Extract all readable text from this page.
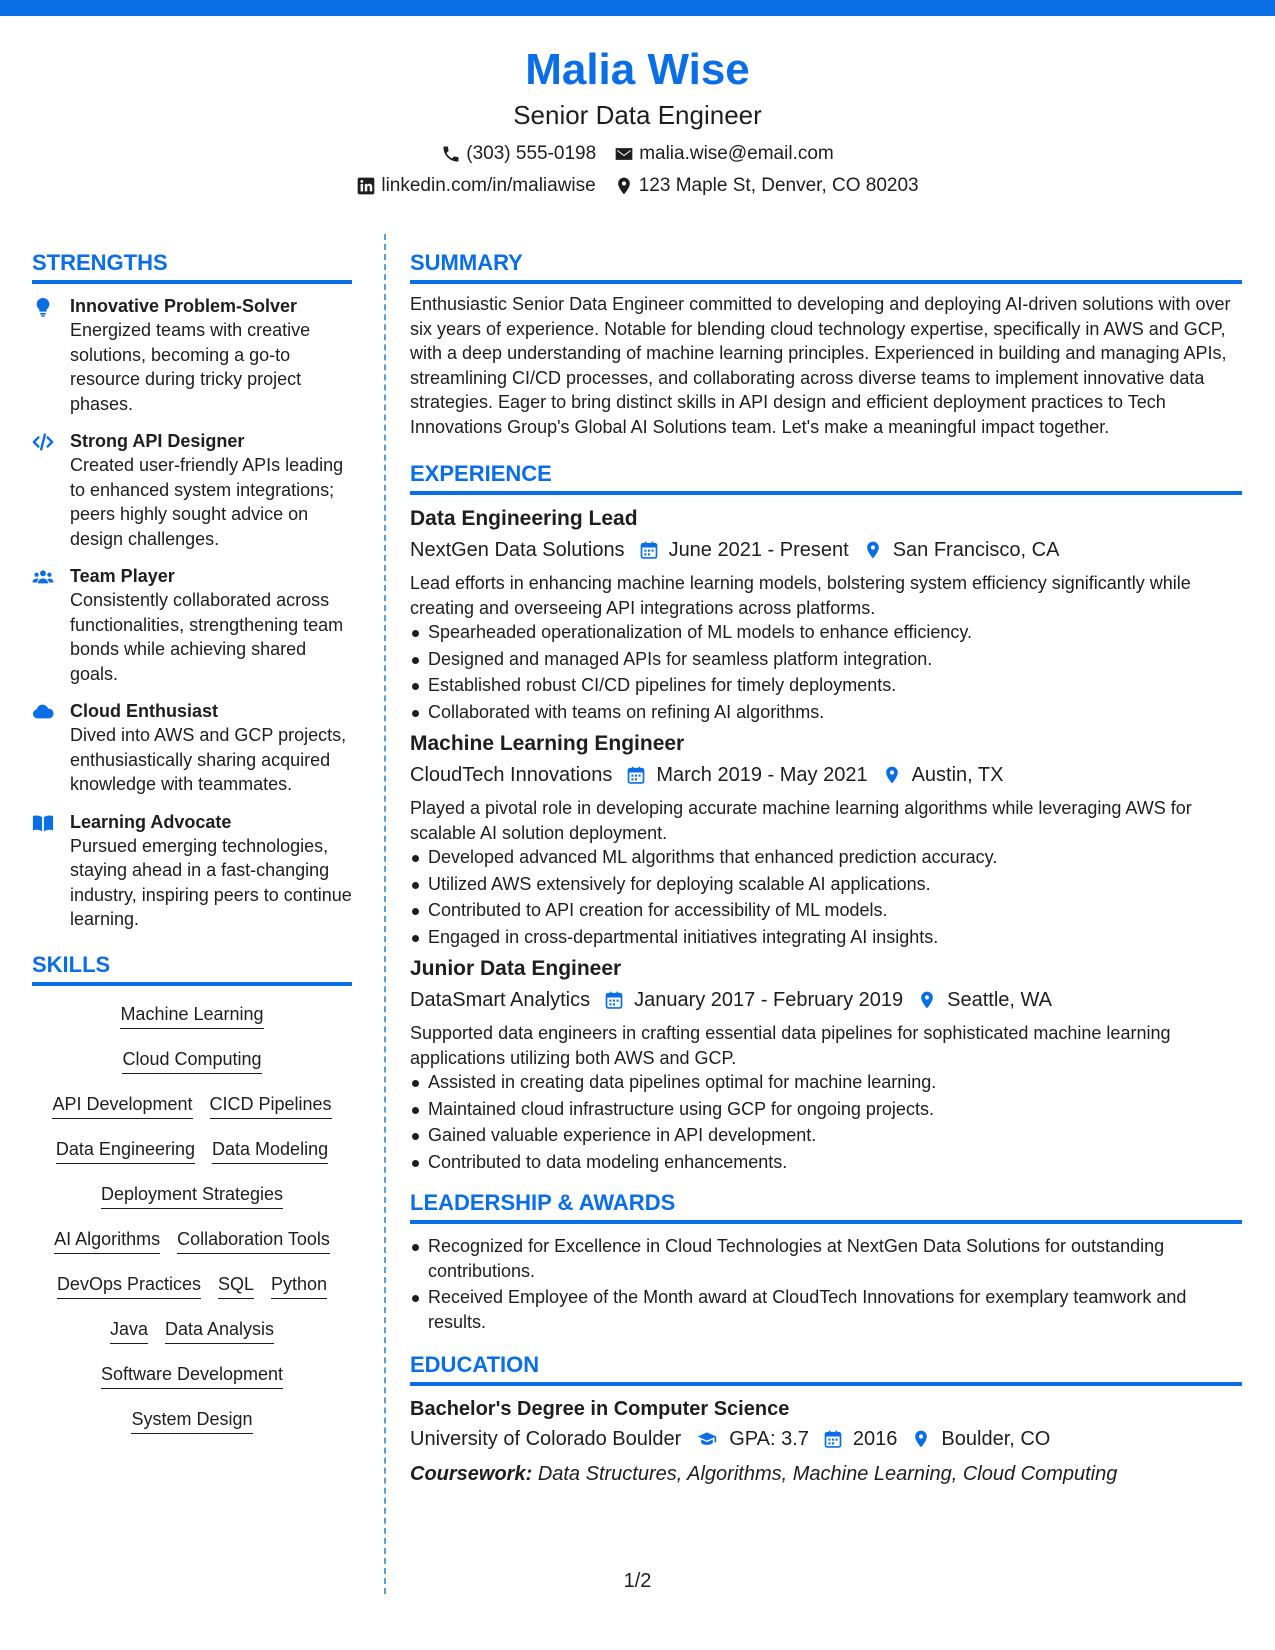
Malia Wise
Senior Data Engineer
(303) 555-0198 malia.wise@email.com
linkedin.com/in/maliawise 123 Maple St, Denver, CO 80203
STRENGTHS
Innovative Problem-Solver
Energized teams with creative solutions, becoming a go-to resource during tricky project phases.
Strong API Designer
Created user-friendly APIs leading to enhanced system integrations; peers highly sought advice on design challenges.
Team Player
Consistently collaborated across functionalities, strengthening team bonds while achieving shared goals.
Cloud Enthusiast
Dived into AWS and GCP projects, enthusiastically sharing acquired knowledge with teammates.
Learning Advocate
Pursued emerging technologies, staying ahead in a fast-changing industry, inspiring peers to continue learning.
SKILLS
Machine Learning
Cloud Computing
API Development CICD Pipelines
Data Engineering Data Modeling
Deployment Strategies
AI Algorithms Collaboration Tools
DevOps Practices SQL Python
Java Data Analysis
Software Development
System Design
SUMMARY
Enthusiastic Senior Data Engineer committed to developing and deploying AI-driven solutions with over six years of experience. Notable for blending cloud technology expertise, specifically in AWS and GCP, with a deep understanding of machine learning principles. Experienced in building and managing APIs, streamlining CI/CD processes, and collaborating across diverse teams to implement innovative data strategies. Eager to bring distinct skills in API design and efficient deployment practices to Tech Innovations Group's Global AI Solutions team. Let's make a meaningful impact together.
EXPERIENCE
Data Engineering Lead
NextGen Data Solutions June 2021 - Present San Francisco, CA
Lead efforts in enhancing machine learning models, bolstering system efficiency significantly while creating and overseeing API integrations across platforms.
Spearheaded operationalization of ML models to enhance efficiency.
Designed and managed APIs for seamless platform integration.
Established robust CI/CD pipelines for timely deployments.
Collaborated with teams on refining AI algorithms.
Machine Learning Engineer
CloudTech Innovations March 2019 - May 2021 Austin, TX
Played a pivotal role in developing accurate machine learning algorithms while leveraging AWS for scalable AI solution deployment.
Developed advanced ML algorithms that enhanced prediction accuracy.
Utilized AWS extensively for deploying scalable AI applications.
Contributed to API creation for accessibility of ML models.
Engaged in cross-departmental initiatives integrating AI insights.
Junior Data Engineer
DataSmart Analytics January 2017 - February 2019 Seattle, WA
Supported data engineers in crafting essential data pipelines for sophisticated machine learning applications utilizing both AWS and GCP.
Assisted in creating data pipelines optimal for machine learning.
Maintained cloud infrastructure using GCP for ongoing projects.
Gained valuable experience in API development.
Contributed to data modeling enhancements.
LEADERSHIP & AWARDS
Recognized for Excellence in Cloud Technologies at NextGen Data Solutions for outstanding contributions.
Received Employee of the Month award at CloudTech Innovations for exemplary teamwork and results.
EDUCATION
Bachelor's Degree in Computer Science
University of Colorado Boulder GPA: 3.7 2016 Boulder, CO
Coursework: Data Structures, Algorithms, Machine Learning, Cloud Computing
1/2
